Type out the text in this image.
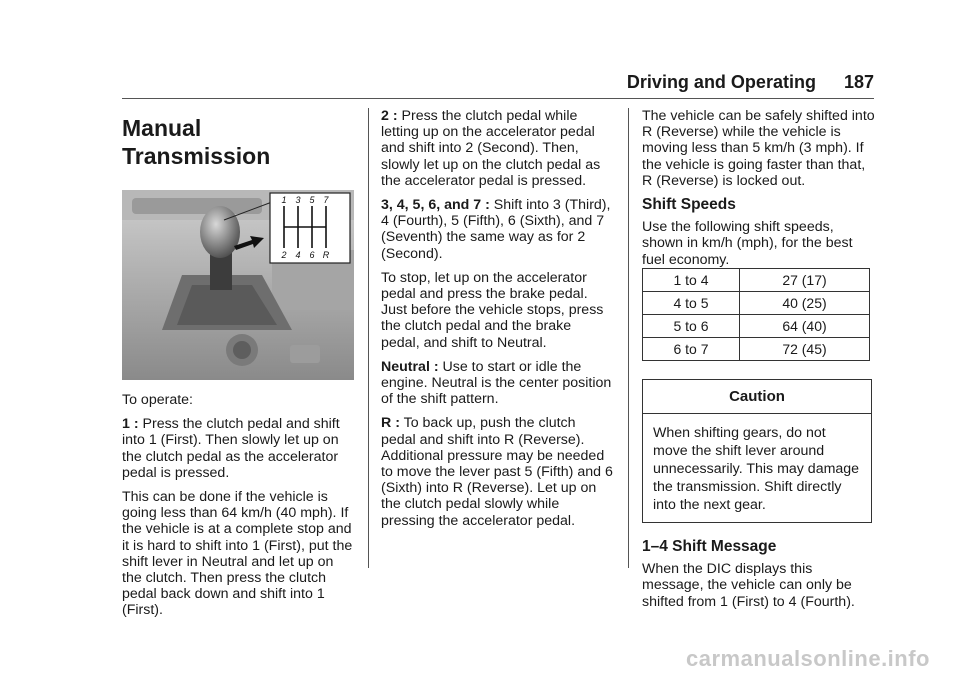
Driving and Operating 187
Manual Transmission
1 3 5 7
2 4 6 R

To operate:

1 : Press the clutch pedal and shift into 1 (First). Then slowly let up on the clutch pedal as the accelerator pedal is pressed.

This can be done if the vehicle is going less than 64 km/h (40 mph). If the vehicle is at a complete stop and it is hard to shift into 1 (First), put the shift lever in Neutral and let up on the clutch. Then press the clutch pedal back down and shift into 1 (First).

2 : Press the clutch pedal while letting up on the accelerator pedal and shift into 2 (Second). Then, slowly let up on the clutch pedal as the accelerator pedal is pressed.

3, 4, 5, 6, and 7 : Shift into 3 (Third), 4 (Fourth), 5 (Fifth), 6 (Sixth), and 7 (Seventh) the same way as for 2 (Second).

To stop, let up on the accelerator pedal and press the brake pedal. Just before the vehicle stops, press the clutch pedal and the brake pedal, and shift to Neutral.

Neutral : Use to start or idle the engine. Neutral is the center position of the shift pattern.

R : To back up, push the clutch pedal and shift into R (Reverse). Additional pressure may be needed to move the lever past 5 (Fifth) and 6 (Sixth) into R (Reverse). Let up on the clutch pedal slowly while pressing the accelerator pedal.

The vehicle can be safely shifted into R (Reverse) while the vehicle is moving less than 5 km/h (3 mph). If the vehicle is going faster than that, R (Reverse) is locked out.

Shift Speeds

Use the following shift speeds, shown in km/h (mph), for the best fuel economy.

1 to 4	27 (17)
4 to 5	40 (25)
5 to 6	64 (40)
6 to 7	72 (45)
Caution
When shifting gears, do not move the shift lever around unnecessarily. This may damage the transmission. Shift directly into the next gear.
1–4 Shift Message

When the DIC displays this message, the vehicle can only be shifted from 1 (First) to 4 (Fourth).

carmanualsonline.info
